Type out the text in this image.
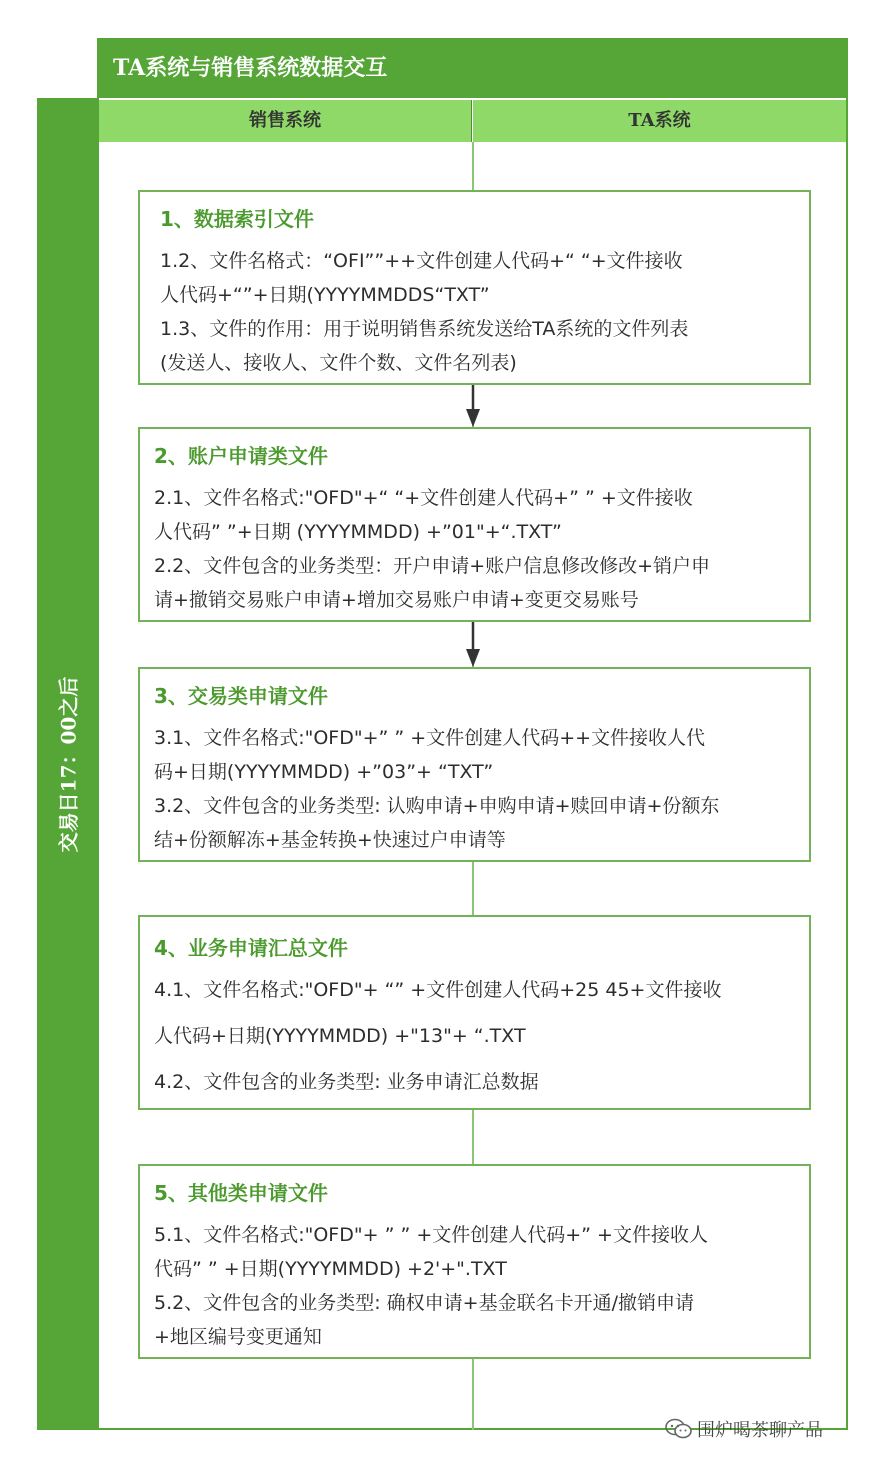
TA系统与销售系统数据交互
交易日17：00之后
销售系统	TA系统

1、数据索引文件

1.2、文件名格式：“OFI””++文件创建人代码+“ “+文件接收

人代码+“”+日期(YYYYMMDDS“TXT”

1.3、文件的作用：用于说明销售系统发送给TA系统的文件列表

(发送人、接收人、文件个数、文件名列表)

2、账户申请类文件

2.1、文件名格式:"OFD"+“ “+文件创建人代码+” ” +文件接收

人代码” ”+日期 (YYYYMMDD) +”01"+“.TXT”

2.2、文件包含的业务类型：开户申请+账户信息修改修改+销户申

请+撤销交易账户申请+增加交易账户申请+变更交易账号

3、交易类申请文件

3.1、文件名格式:"OFD"+” ” +文件创建人代码++文件接收人代

码+日期(YYYYMMDD) +”03”+ “TXT”

3.2、文件包含的业务类型: 认购申请+申购申请+赎回申请+份额东

结+份额解冻+基金转换+快速过户申请等

4、业务申请汇总文件

4.1、文件名格式:"OFD"+ “” +文件创建人代码+25 45+文件接收

人代码+日期(YYYYMMDD) +"13"+ “.TXT

4.2、文件包含的业务类型: 业务申请汇总数据

5、其他类申请文件

5.1、文件名格式:"OFD"+ ” ” +文件创建人代码+” +文件接收人

代码” ” +日期(YYYYMMDD) +2'+".TXT

5.2、文件包含的业务类型: 确权申请+基金联名卡开通/撤销申请

+地区编号变更通知

围炉喝茶聊产品
